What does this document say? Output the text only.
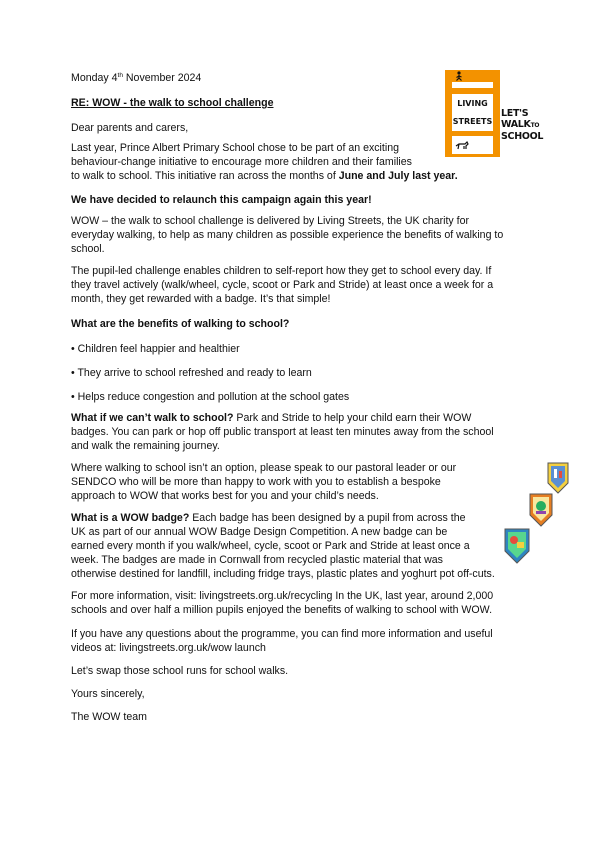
LIVING
STREETS
LET'S
WALKTO
SCHOOL

Monday 4th November 2024

RE: WOW - the walk to school challenge

Dear parents and carers,

Last year, Prince Albert Primary School chose to be part of an exciting

behaviour-change initiative to encourage more children and their families

to walk to school. This initiative ran across the months of June and July last year.

We have decided to relaunch this campaign again this year!

WOW – the walk to school challenge is delivered by Living Streets, the UK charity for

everyday walking, to help as many children as possible experience the benefits of walking to

school.

The pupil-led challenge enables children to self-report how they get to school every day. If

they travel actively (walk/wheel, cycle, scoot or Park and Stride) at least once a week for a

month, they get rewarded with a badge. It’s that simple!

What are the benefits of walking to school?

• Children feel happier and healthier

• They arrive to school refreshed and ready to learn

• Helps reduce congestion and pollution at the school gates

What if we can’t walk to school? Park and Stride to help your child earn their WOW

badges. You can park or hop off public transport at least ten minutes away from the school

and walk the remaining journey.

Where walking to school isn’t an option, please speak to our pastoral leader or our

SENDCO who will be more than happy to work with you to establish a bespoke

approach to WOW that works best for you and your child’s needs.

What is a WOW badge? Each badge has been designed by a pupil from across the

UK as part of our annual WOW Badge Design Competition. A new badge can be

earned every month if you walk/wheel, cycle, scoot or Park and Stride at least once a

week. The badges are made in Cornwall from recycled plastic material that was

otherwise destined for landfill, including fridge trays, plastic plates and yoghurt pot off-cuts.

For more information, visit: livingstreets.org.uk/recycling In the UK, last year, around 2,000

schools and over half a million pupils enjoyed the benefits of walking to school with WOW.

If you have any questions about the programme, you can find more information and useful

videos at: livingstreets.org.uk/wow launch

Let’s swap those school runs for school walks.

Yours sincerely,

The WOW team
